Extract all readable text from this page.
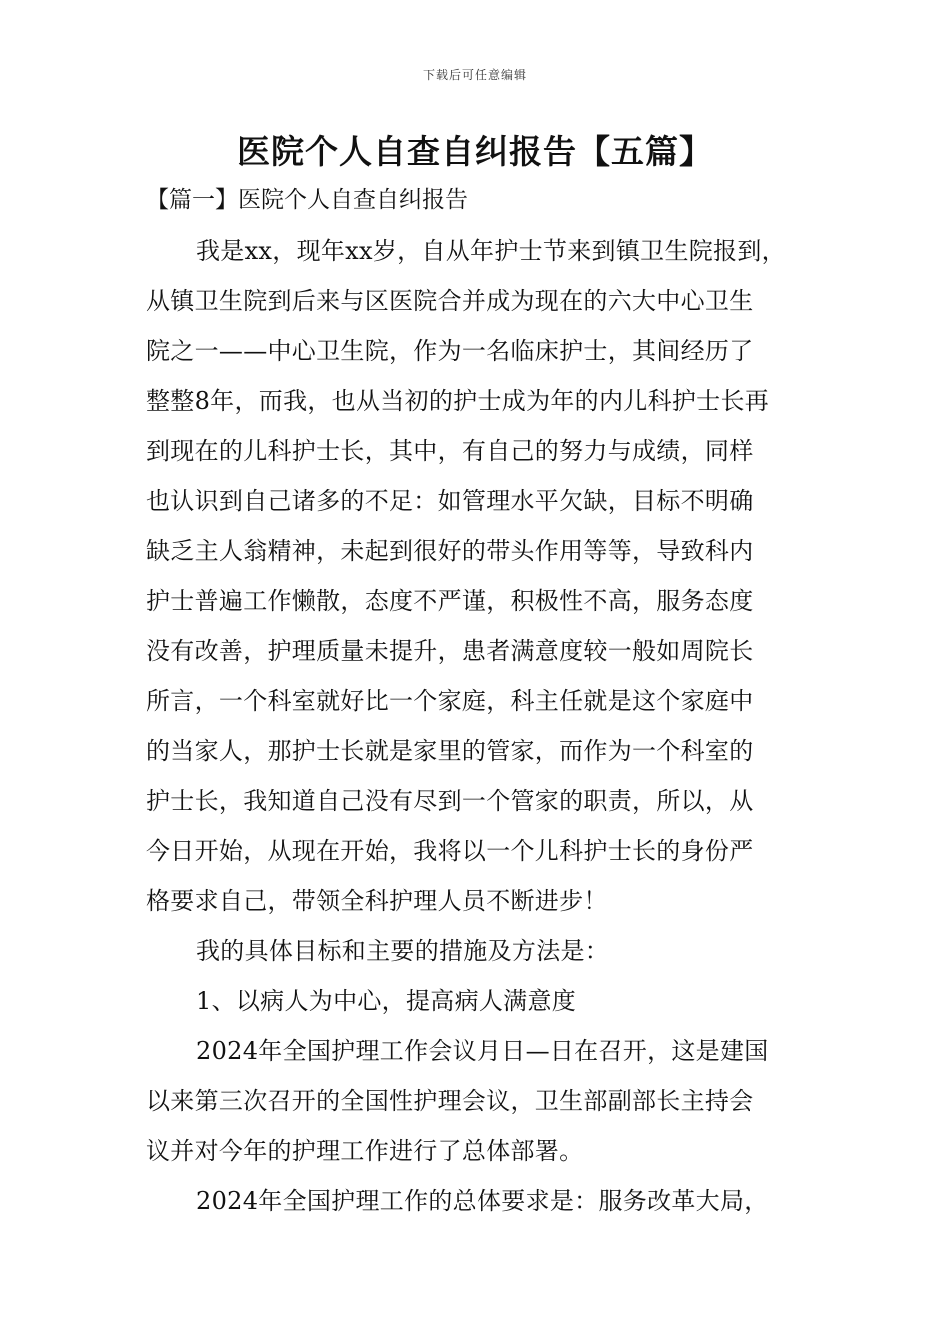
下载后可任意编辑
医院个人自查自纠报告【五篇】
【篇一】医院个人自查自纠报告
我是xx，现年xx岁，自从年护士节来到镇卫生院报到，
从镇卫生院到后来与区医院合并成为现在的六大中心卫生
院之一——中心卫生院，作为一名临床护士，其间经历了
整整8年，而我，也从当初的护士成为年的内儿科护士长再
到现在的儿科护士长，其中，有自己的努力与成绩，同样
也认识到自己诸多的不足：如管理水平欠缺，目标不明确
缺乏主人翁精神，未起到很好的带头作用等等，导致科内
护士普遍工作懒散，态度不严谨，积极性不高，服务态度
没有改善，护理质量未提升，患者满意度较一般如周院长
所言，一个科室就好比一个家庭，科主任就是这个家庭中
的当家人，那护士长就是家里的管家，而作为一个科室的
护士长，我知道自己没有尽到一个管家的职责，所以，从
今日开始，从现在开始，我将以一个儿科护士长的身份严
格要求自己，带领全科护理人员不断进步！
我的具体目标和主要的措施及方法是：
1、以病人为中心，提高病人满意度
2024年全国护理工作会议月日—日在召开，这是建国
以来第三次召开的全国性护理会议，卫生部副部长主持会
议并对今年的护理工作进行了总体部署。
2024年全国护理工作的总体要求是：服务改革大局，
